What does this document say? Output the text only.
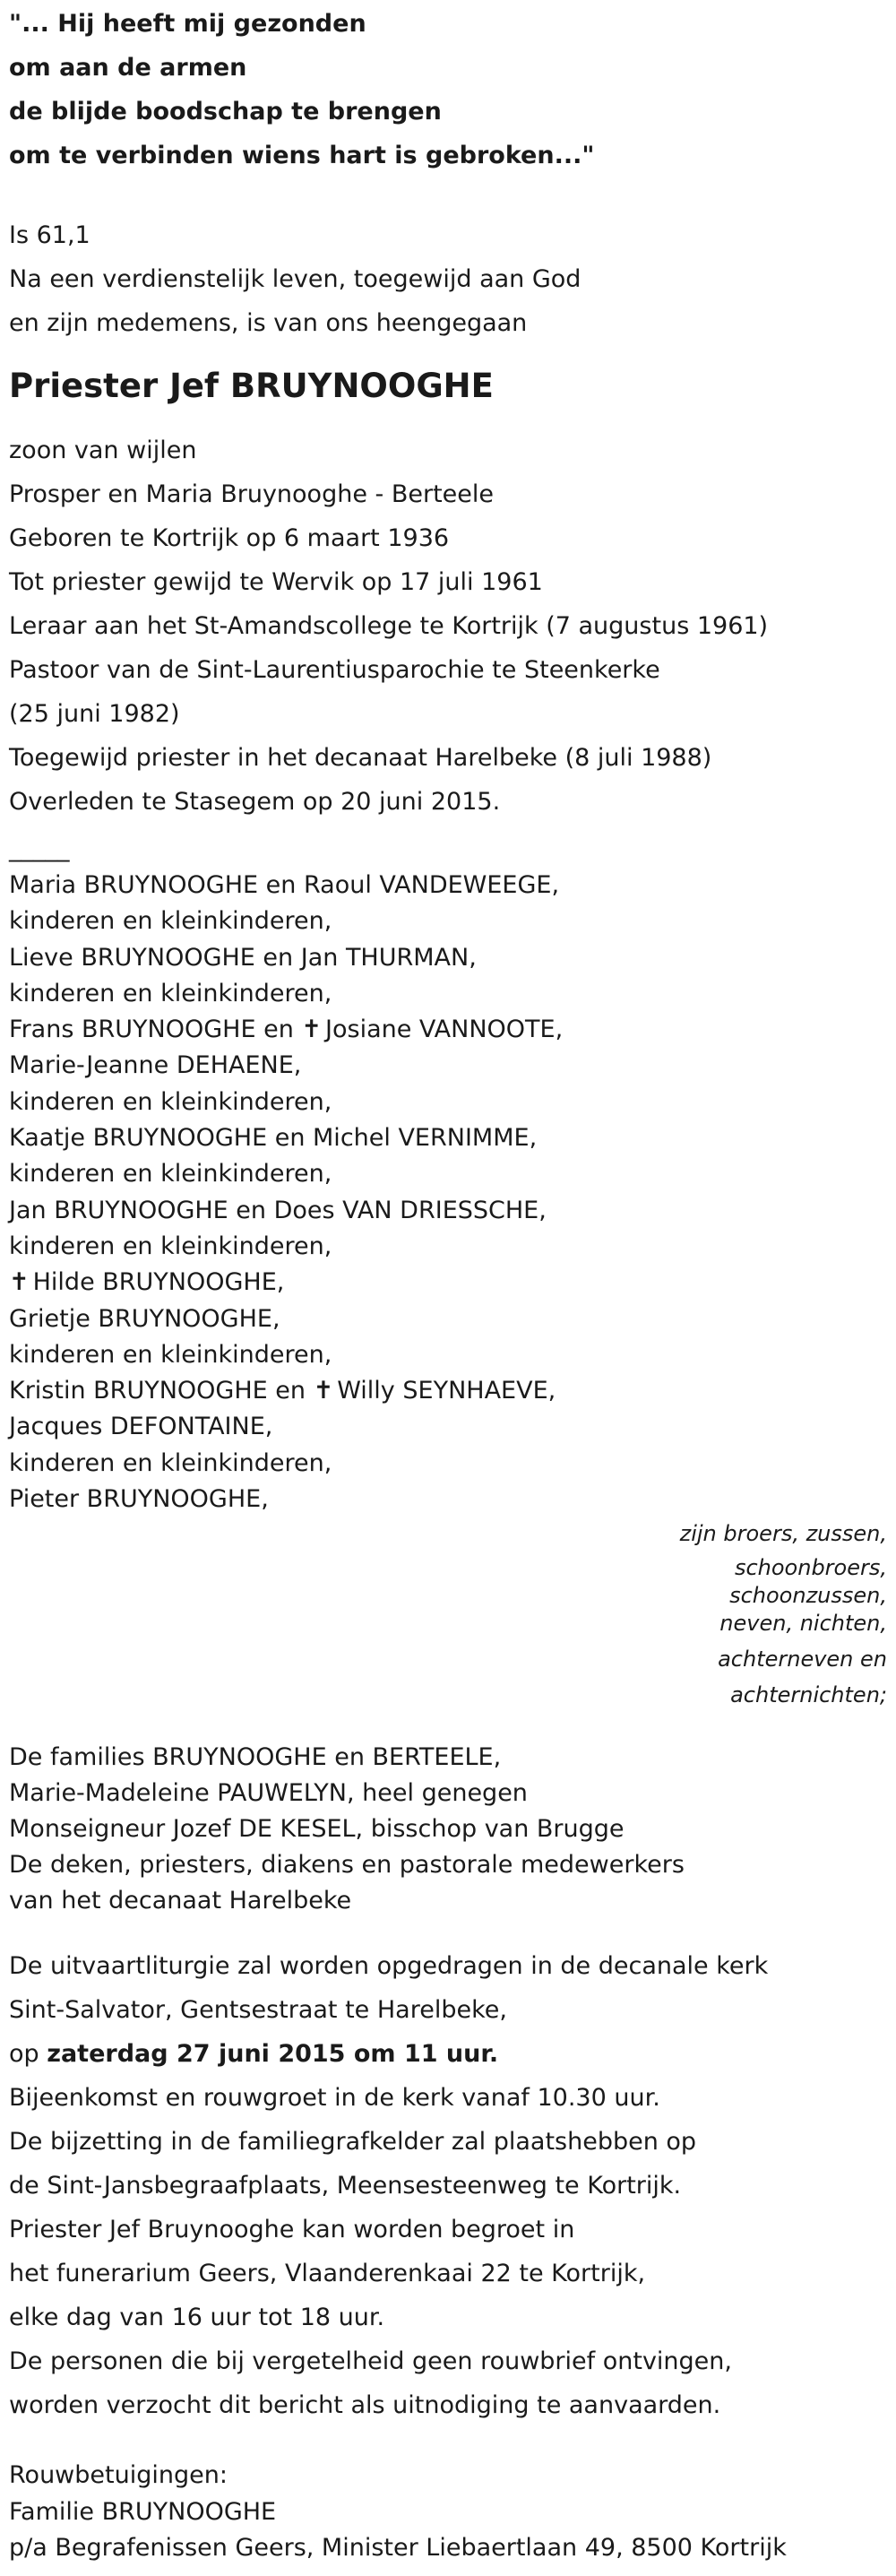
"... Hij heeft mij gezonden
om aan de armen
de blijde boodschap te brengen
om te verbinden wiens hart is gebroken..."
Is 61,1
Na een verdienstelijk leven, toegewijd aan God
en zijn medemens, is van ons heengegaan
Priester Jef BRUYNOOGHE
zoon van wijlen
Prosper en Maria Bruynooghe - Berteele
Geboren te Kortrijk op 6 maart 1936
Tot priester gewijd te Wervik op 17 juli 1961
Leraar aan het St-Amandscollege te Kortrijk (7 augustus 1961)
Pastoor van de Sint-Laurentiusparochie te Steenkerke
(25 juni 1982)
Toegewijd priester in het decanaat Harelbeke (8 juli 1988)
Overleden te Stasegem op 20 juni 2015.
_____
Maria BRUYNOOGHE en Raoul VANDEWEEGE,
kinderen en kleinkinderen,
Lieve BRUYNOOGHE en Jan THURMAN,
kinderen en kleinkinderen,
Frans BRUYNOOGHE en ✝ Josiane VANNOOTE,
Marie-Jeanne DEHAENE,
kinderen en kleinkinderen,
Kaatje BRUYNOOGHE en Michel VERNIMME,
kinderen en kleinkinderen,
Jan BRUYNOOGHE en Does VAN DRIESSCHE,
kinderen en kleinkinderen,
✝ Hilde BRUYNOOGHE,
Grietje BRUYNOOGHE,
kinderen en kleinkinderen,
Kristin BRUYNOOGHE en ✝ Willy SEYNHAEVE,
Jacques DEFONTAINE,
kinderen en kleinkinderen,
Pieter BRUYNOOGHE,
zijn broers, zussen,
schoonbroers,
schoonzussen,
neven, nichten,
achterneven en
achternichten;
De families BRUYNOOGHE en BERTEELE,
Marie-Madeleine PAUWELYN, heel genegen
Monseigneur Jozef DE KESEL, bisschop van Brugge
De deken, priesters, diakens en pastorale medewerkers
van het decanaat Harelbeke
De uitvaartliturgie zal worden opgedragen in de decanale kerk
Sint-Salvator, Gentsestraat te Harelbeke,
op zaterdag 27 juni 2015 om 11 uur.
Bijeenkomst en rouwgroet in de kerk vanaf 10.30 uur.
De bijzetting in de familiegrafkelder zal plaatshebben op
de Sint-Jansbegraafplaats, Meensesteenweg te Kortrijk.
Priester Jef Bruynooghe kan worden begroet in
het funerarium Geers, Vlaanderenkaai 22 te Kortrijk,
elke dag van 16 uur tot 18 uur.
De personen die bij vergetelheid geen rouwbrief ontvingen,
worden verzocht dit bericht als uitnodiging te aanvaarden.
Rouwbetuigingen:
Familie BRUYNOOGHE
p/a Begrafenissen Geers, Minister Liebaertlaan 49, 8500 Kortrijk
